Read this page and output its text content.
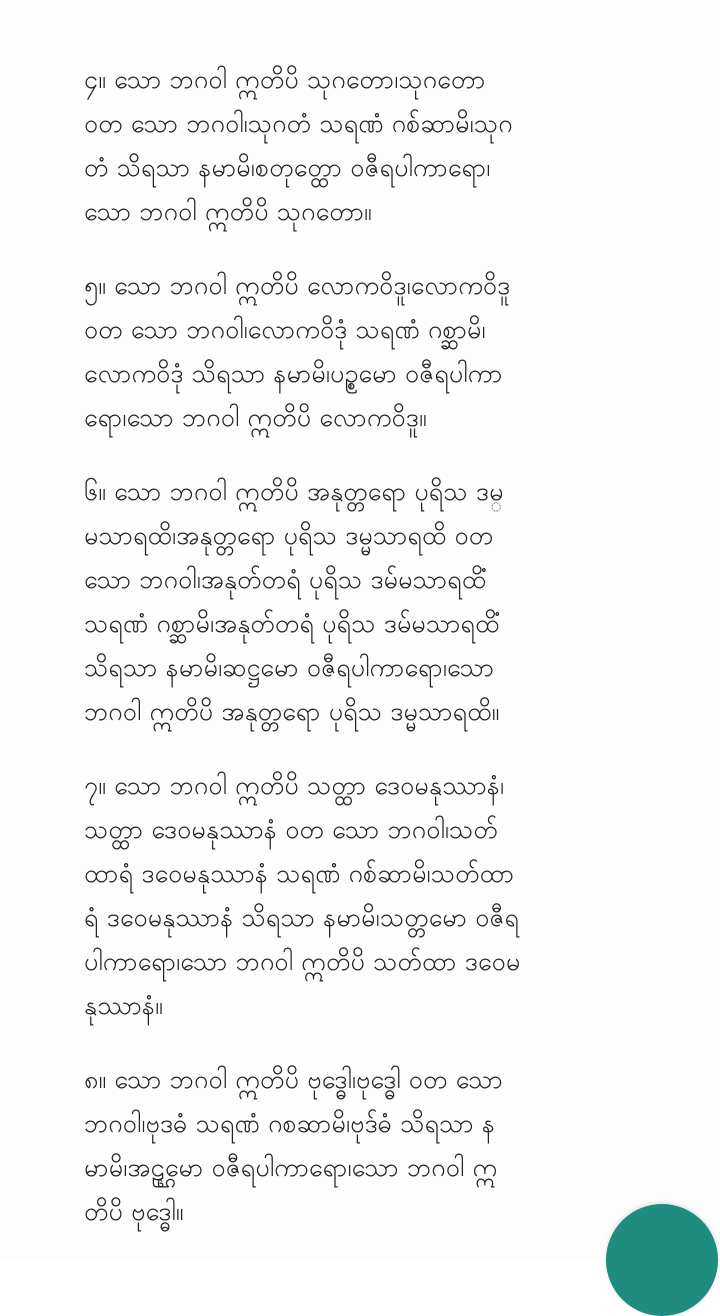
၄။ သော ဘဂဝါ ဣတိပိ သုဂတော၊သုဂတော
ဝတ သော ဘဂဝါ၊သုဂတံ သရဏံ ဂစ်ဆာမိ၊သုဂ
တံ သိရသာ နမာမိ၊စတုတ္ထော ဝဇီရပါကာရော၊
သော ဘဂဝါ ဣတိပိ သုဂတော။
၅။ သော ဘဂဝါ ဣတိပိ လောကဝိဒူ၊လောကဝိဒူ
ဝတ သော ဘဂဝါ၊လောကဝိဒုံ သရဏံ ဂစ္ဆာမိ၊
လောကဝိဒုံ သိရသာ နမာမိ၊ပဉ္စမော ဝဇီရပါကာ
ရော၊သော ဘဂဝါ ဣတိပိ လောကဝိဒူ။
၆။ သော ဘဂဝါ ဣတိပိ အနုတ္တရော ပုရိသ ဒမ္
မသာရထိ၊အနုတ္တရော ပုရိသ ဒမ္မသာရထိ ဝတ
သော ဘဂဝါ၊အနုတ်တရံ ပုရိသ ဒမ်မသာရထိံ
သရဏံ ဂစ္ဆာမိ၊အနုတ်တရံ ပုရိသ ဒမ်မသာရထိံ
သိရသာ နမာမိ၊ဆဋ္ဌမော ဝဇီရပါကာရော၊သော
ဘဂဝါ ဣတိပိ အနုတ္တရော ပုရိသ ဒမ္မသာရထိ။
၇။ သော ဘဂဝါ ဣတိပိ သတ္ထာ ဒေဝမနုဿာနံ၊
သတ္ထာ ဒေဝမနုဿာနံ ဝတ သော ဘဂဝါ၊သတ်
ထာရံ ဒဝေမနုဿာနံ သရဏံ ဂစ်ဆာမိ၊သတ်ထာ
ရံ ဒဝေမနုဿာနံ သိရသာ နမာမိ၊သတ္တမော ဝဇီရ
ပါကာရော၊သော ဘဂဝါ ဣတိပိ သတ်ထာ ဒဝေမ
နုဿာနံ။
၈။ သော ဘဂဝါ ဣတိပိ ဗုဒ္ဓေါ၊ဗုဒ္ဓေါ ဝတ သော
ဘဂဝါ၊ဗုဒဓံ သရဏံ ဂစဆာမိ၊ဗုဒ်ဓံ သိရသာ န
မာမိ၊အဠ္ဌမော ဝဇီရပါကာရော၊သော ဘဂဝါ ဣ
တိပိ ဗုဒ္ဓေါ။
